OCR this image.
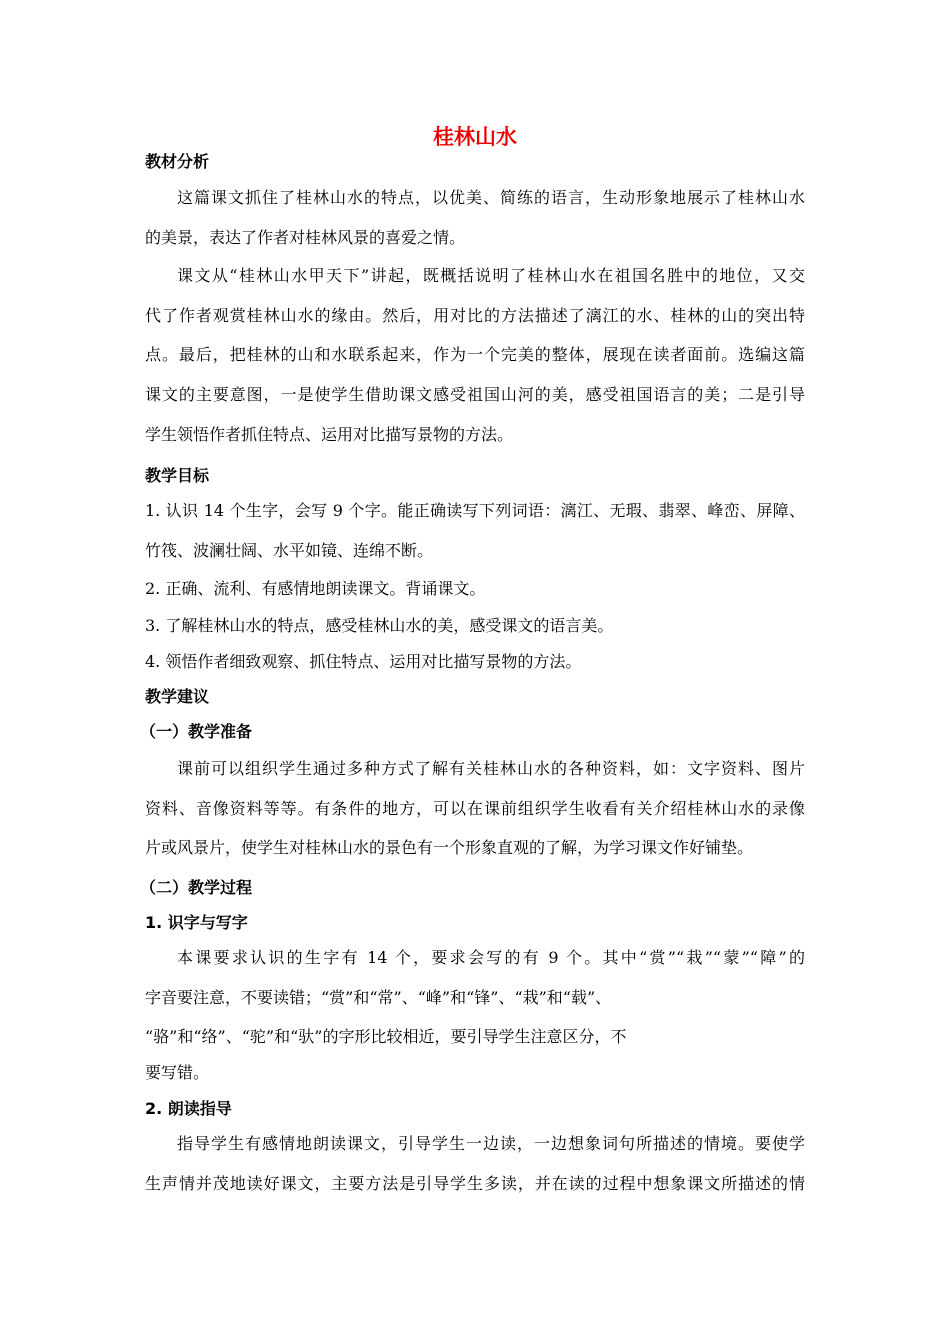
桂林山水
教材分析
这篇课文抓住了桂林山水的特点，以优美、简练的语言，生动形象地展示了桂林山水
的美景，表达了作者对桂林风景的喜爱之情。
课文从“桂林山水甲天下”讲起，既概括说明了桂林山水在祖国名胜中的地位，又交
代了作者观赏桂林山水的缘由。然后，用对比的方法描述了漓江的水、桂林的山的突出特
点。最后，把桂林的山和水联系起来，作为一个完美的整体，展现在读者面前。选编这篇
课文的主要意图，一是使学生借助课文感受祖国山河的美，感受祖国语言的美；二是引导
学生领悟作者抓住特点、运用对比描写景物的方法。
教学目标
1. 认识 14 个生字，会写 9 个字。能正确读写下列词语：漓江、无瑕、翡翠、峰峦、屏障、
竹筏、波澜壮阔、水平如镜、连绵不断。
2. 正确、流利、有感情地朗读课文。背诵课文。
3. 了解桂林山水的特点，感受桂林山水的美，感受课文的语言美。
4. 领悟作者细致观察、抓住特点、运用对比描写景物的方法。
教学建议
（一）教学准备
课前可以组织学生通过多种方式了解有关桂林山水的各种资料，如：文字资料、图片
资料、音像资料等等。有条件的地方，可以在课前组织学生收看有关介绍桂林山水的录像
片或风景片，使学生对桂林山水的景色有一个形象直观的了解，为学习课文作好铺垫。
（二）教学过程
1. 识字与写字
本课要求认识的生字有 14 个，要求会写的有 9 个。其中“赏”“栽”“蒙”“障”的
字音要注意，不要读错；“赏”和“常”、“峰”和“锋”、“栽”和“载”、
“骆”和“络”、“驼”和“驮”的字形比较相近，要引导学生注意区分，不
要写错。
2. 朗读指导
指导学生有感情地朗读课文，引导学生一边读，一边想象词句所描述的情境。要使学
生声情并茂地读好课文，主要方法是引导学生多读，并在读的过程中想象课文所描述的情
